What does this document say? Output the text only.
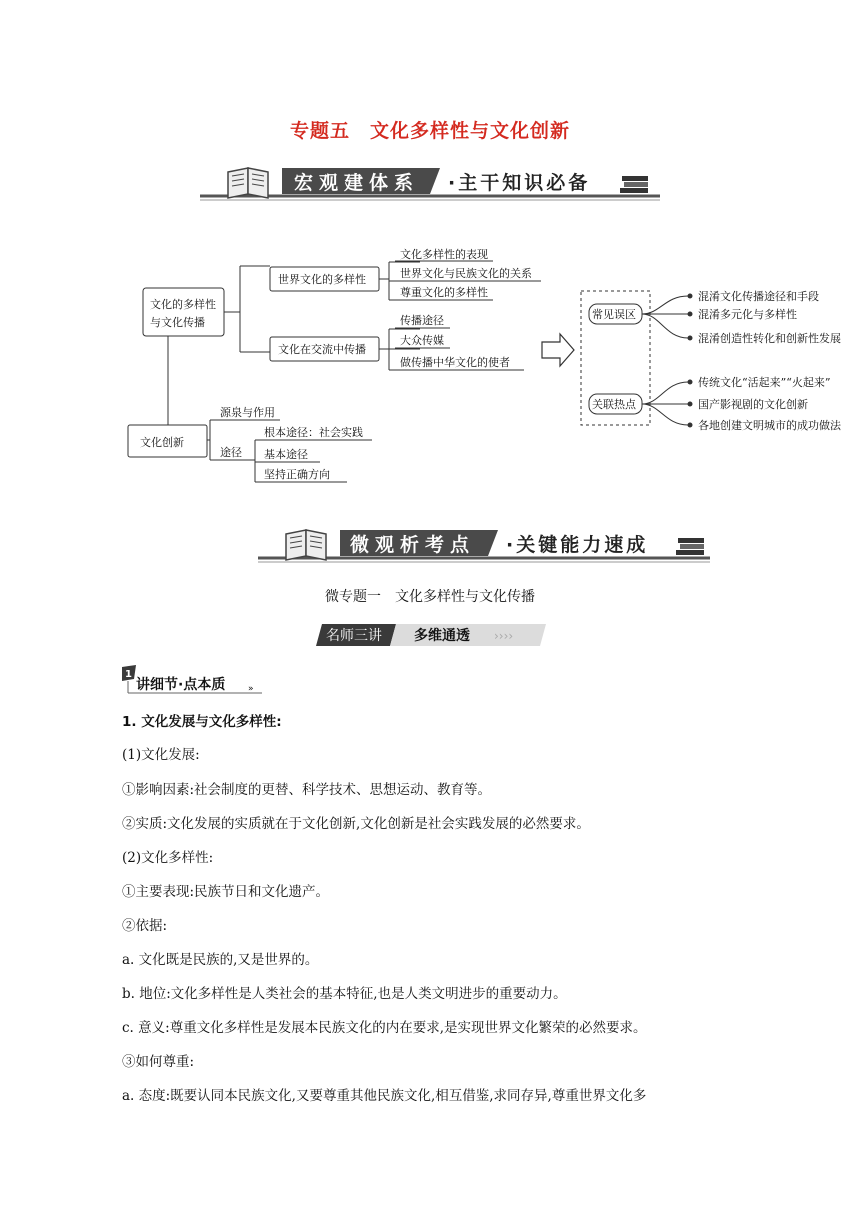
专题五　文化多样性与文化创新
宏观建体系 ·主干知识必备
文化的多样性
与文化传播
世界文化的多样性
文化在交流中传播
文化多样性的表现
世界文化与民族文化的关系
尊重文化的多样性
传播途径
大众传媒
做传播中华文化的使者
文化创新
源泉与作用
途径
根本途径：社会实践
基本途径
坚持正确方向
常见误区
关联热点
混淆文化传播途径和手段
混淆多元化与多样性
混淆创造性转化和创新性发展
传统文化“活起来”“火起来”
国产影视剧的文化创新
各地创建文明城市的成功做法
微观析考点 ·关键能力速成
微专题一　文化多样性与文化传播
名师三讲 多维通透 ››››
1
讲细节·点本质	»
1. 文化发展与文化多样性:
(1)文化发展:
①影响因素:社会制度的更替、科学技术、思想运动、教育等。
②实质:文化发展的实质就在于文化创新,文化创新是社会实践发展的必然要求。
(2)文化多样性:
①主要表现:民族节日和文化遗产。
②依据:
a. 文化既是民族的,又是世界的。
b. 地位:文化多样性是人类社会的基本特征,也是人类文明进步的重要动力。
c. 意义:尊重文化多样性是发展本民族文化的内在要求,是实现世界文化繁荣的必然要求。
③如何尊重:
a. 态度:既要认同本民族文化,又要尊重其他民族文化,相互借鉴,求同存异,尊重世界文化多
